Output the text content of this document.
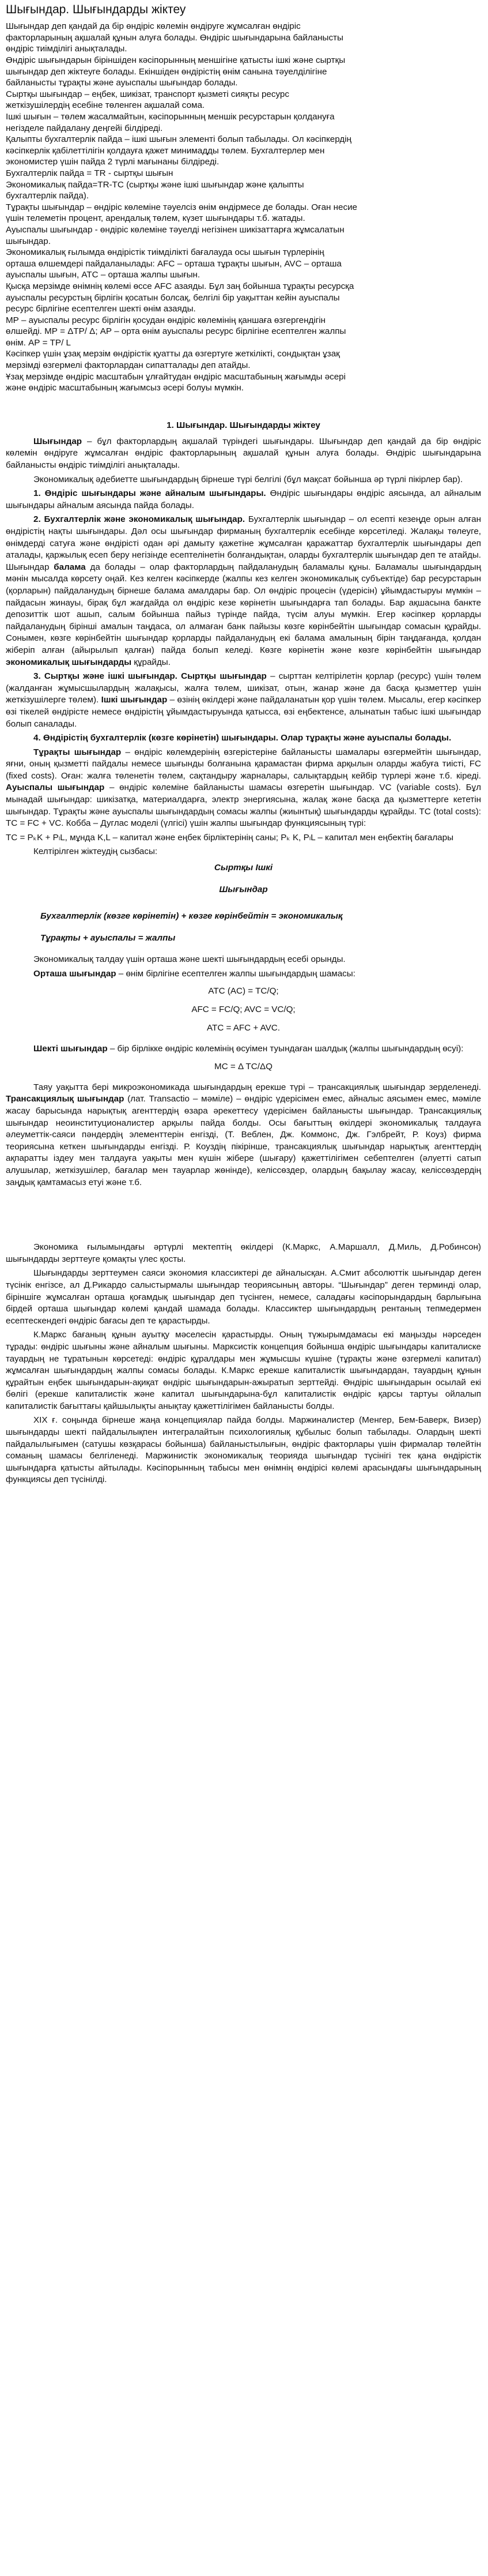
Шығындар. Шығындарды жіктеу

Шығындар деп қандай да бір өндіріс көлемін өндіруге жұмсалған өндіріс

факторларының ақшалай құнын алуға болады. Өндіріс шығындарына байланысты

өндіріс тиімділігі анықталады.

Өндіріс шығындарын біріншіден кәсіпорынның меншігіне қатысты ішкі және сыртқы

шығындар деп жіктеуге болады. Екіншіден өндірістің өнім санына тәуелділігіне

байланысты тұрақты және ауыспалы шығындар болады.

Сыртқы шығындар – еңбек, шикізат, транспорт қызметі сияқты ресурс

жеткізушілердің есебіне төленген ақшалай сома.

Ішкі шығын – төлем жасалмайтын, кәсіпорынның меншік ресурстарын қолдануға

негізделе пайдалану деңгейі білдіреді.

Қалыпты бухгалтерлік пайда – ішкі шығын элементі болып табылады. Ол кәсіпкердің

кәсіпкерлік қабілеттілігін қолдауға қажет минимадды төлем. Бухгалтерлер мен

экономистер үшін пайда 2 түрлі мағынаны білдіреді.

Бухгалтерлік пайда = TR - сыртқы шығын

Экономикалық пайда=TR-TC (сыртқы және ішкі шығындар және қалыпты

бухгалтерлік пайда).

Тұрақты шығындар – өндіріс көлеміне тәуелсіз өнім өндірмесе де болады. Оған несие

үшін телеметін процент, арендалық төлем, күзет шығындары т.б. жатады.

Ауыспалы шығындар - өндіріс көлеміне тәуелді негізінен шикізаттарға жұмсалатын

шығындар.

Экономикалық ғылымда өндірістік тиімділікті бағалауда осы шығын түрлерінің

орташа өлшемдері пайдаланылады: AFC – орташа тұрақты шығын, AVC – орташа

ауыспалы шығын, АТС – орташа жалпы шығын.

Қысқа мерзімде өнімнің көлемі өссе AFC азаяды. Бұл заң бойынша тұрақты ресурсқа

ауыспалы ресурстың бірлігін қосатын болсақ, белгілі бір уақыттан кейін ауыспалы

ресурс бірлігіне есептелген шекті өнім азаяды.

МР – ауыспалы ресурс бірлігін қосудан өндіріс көлемінің қаншаға өзгергендігін

өлшейді. МР = ΔТР/ Δ; АР – орта өнім ауыспалы ресурс бірлігіне есептелген жалпы

өнім. АР = ТР/ L

Кәсіпкер үшін ұзақ мерзім өндірістік қуатты да өзгертуге жеткілікті, сондықтан ұзақ

мерзімді өзгермелі факторлардан сипатталады деп атайды.

Ұзақ мерзімде өндіріс масштабын ұлғайтудан өндіріс масштабының жағымды әсері

және өндіріс масштабының жағымсыз әсері болуы мүмкін.

1. Шығындар. Шығындарды жіктеу

Шығындар – бұл факторлардың ақшалай түріндегі шығындары. Шығындар деп қандай да бір өндіріс көлемін өндіруге жұмсалған өндіріс факторларының ақшалай құнын алуға болады. Өндіріс шығындарына байланысты өндіріс тиімділігі анықталады.

Экономикалық әдебиетте шығындардың бірнеше түрі белгілі (бұл мақсат бойынша әр түрлі пікірлер бар).

1. Өндіріс шығындары және айналым шығындары. Өндіріс шығындары өндіріс аясында, ал айналым шығындары айналым аясында пайда болады.

2. Бухгалтерлік және экономикалық шығындар. Бухгалтерлік шығындар – ол есепті кезеңде орын алған өндірістің нақты шығындары. Дәл осы шығындар фирманың бухгалтерлік есебінде көрсетіледі. Жалақы төлеуге, өнімдерді сатуға және өндірісті одан әрі дамыту қажетіне жұмсалған қаражаттар бухгалтерлік шығындары деп аталады, қаржылық есеп беру негізінде есептелінетін болғандықтан, оларды бухгалтерлік шығындар деп те атайды. Шығындар балама да болады – олар факторлардың пайдаланудың баламалы құны. Баламалы шығындардың мәнін мысалда көрсету оңай. Кез келген кәсіпкерде (жалпы кез келген экономикалық субъектіде) бар ресурстарын (қорларын) пайдаланудың бірнеше балама амалдары бар. Ол өндіріс процесін (үдерісін) ұйымдастыруы мүмкін – пайдасын жинауы, бірақ бұл жағдайда ол өндіріс кезе көрінетін шығындарға тап болады. Бар ақшасына банкте депозиттік шот ашып, салым бойынша пайыз түрінде пайда, түсім алуы мүмкін. Егер кәсіпкер қорларды пайдаланудың бірінші амалын таңдаса, ол алмаған банк пайызы көзге көрінбейтін шығындар сомасын құрайды. Сонымен, көзге көрінбейтін шығындар қорларды пайдаланудың екі балама амалының бірін таңдағанда, қолдан жіберіп алған (айырылып қалған) пайда болып келеді. Көзге көрінетін және көзге көрінбейтін шығындар экономикалық шығындарды құрайды.

3. Сыртқы және ішкі шығындар. Сыртқы шығындар – сырттан келтірілетін қорлар (ресурс) үшін төлем (жалданған жұмысшылардың жалақысы, жалға төлем, шикізат, отын, жанар және да басқа қызметтер үшін жеткізушілерге төлем). Ішкі шығындар – өзінің өкілдері және пайдаланатын қор үшін төлем. Мысалы, егер кәсіпкер өзі тікелей өндірісте немесе өндірістің ұйымдастыруында қатысса, өзі еңбектенсе, алынатын табыс ішкі шығындар болып саналады.

4. Өндірістің бухгалтерлік (көзге көрінетін) шығындары. Олар тұрақты және ауыспалы болады.

Тұрақты шығындар – өндіріс көлемдерінің өзгерістеріне байланысты шамалары өзгермейтін шығындар, яғни, оның қызметті пайдалы немесе шығынды болғанына қарамастан фирма арқылын оларды жабуға тиісті, FC (fixed costs). Оған: жалға төленетін төлем, сақтандыру жарналары, салықтардың кейбір түрлері және т.б. кіреді. Ауыспалы шығындар – өндіріс көлеміне байланысты шамасы өзгеретін шығындар. VC (variable costs). Бұл мынадай шығындар: шикізатқа, материалдарға, электр энергиясына, жалақ және басқа да қызметтерге кететін шығындар. Тұрақты және ауыспалы шығындардың сомасы жалпы (жиынтық) шығындарды құрайды. ТС (total costs): TC = FC + VC. Кобба – Дуглас моделі (үлгісі) үшін жалпы шығындар функциясының түрі:

TC = PₖK + PₗL, мұнда K,L – капитал және еңбек бірліктерінің саны; Pₖ K, PₗL – капитал мен еңбектің бағалары

Келтірілген жіктеудің сызбасы:

Сыртқы Ішкі
Шығындар
Бухгалтерлік (көзге көрінетін) + көзге көрінбейтін = экономикалық
Тұрақты + ауыспалы = жалпы

Экономикалық талдау үшін орташа және шекті шығындардың есебі орынды.

Орташа шығындар – өнім бірлігіне есептелген жалпы шығындардың шамасы:

ATC (AC) = TC/Q;
AFC = FC/Q; AVC = VC/Q;
ATC = AFC + AVC.

Шекті шығындар – бір бірлікке өндіріс көлемінің өсуімен туындаған шалдық (жалпы шығындардың өсуі):

MC = Δ TC/ΔQ

Таяу уақытта бері микроэкономикада шығындардың ерекше түрі – трансакциялық шығындар зерделенеді. Трансакциялық шығындар (лат. Transactio – мәміле) – өндіріс үдерісімен емес, айналыс аясымен емес, мәміле жасау барысында нарықтық агенттердің өзара әрекеттесу үдерісімен байланысты шығындар. Трансакциялық шығындар неоинституционалистер арқылы пайда болды. Осы бағыттың өкілдері экономикалық талдауға әлеуметтік-саяси пәндердің элементтерін енгізді, (Т. Веблен, Дж. Коммонс, Дж. Гэлбрейт, Р. Коуз) фирма теориясына кеткен шығындарды енгізді. Р. Коуздің пікірінше, трансакциялық шығындар нарықтық агенттердің ақпаратты іздеу мен талдауға уақыты мен күшін жібере (шығару) қажеттілігімен себептелген (әлуетті сатып алушылар, жеткізушілер, бағалар мен тауарлар жөнінде), келіссөздер, олардың бақылау жасау, келіссөздердің заңдық қамтамасыз етуі және т.б.

Экономика ғылымындағы әртүрлі мектептің өкілдері (К.Маркс, А.Маршалл, Д.Миль, Д.Робинсон) шығындарды зерттеуге қомақты үлес қосты.

Шығындарды зерттеумен саяси экономия классиктері де айналысқан. А.Смит абсолюттік шығындар деген түсінік енгізсе, ал Д.Рикардо салыстырмалы шығындар теориясының авторы. “Шығындар” деген терминді олар, біріншіге жұмсалған орташа қоғамдық шығындар деп түсінген, немесе, саладағы кәсіпорындардың барлығына бірдей орташа шығындар көлемі қандай шамада болады. Классиктер шығындардың рентаның тепмедермен есептескендегі өндіріс бағасы деп те қарастырды.

К.Маркс бағаның құнын ауытқу мәселесін қарастырды. Оның түжырымдамасы екі маңызды нәрседен тұрады: өндіріс шығыны және айналым шығыны. Марксистік концепция бойынша өндіріс шығындары капиталиске тауардың не тұратынын көрсетеді: өндіріс құралдары мен жұмысшы күшіне (тұрақты және өзгермелі капитал) жұмсалған шығындардың жалпы сомасы болады. К.Маркс ерекше капиталистік шығындардан, тауардың құнын құрайтын еңбек шығындарын-ақиқат өндіріс шығындарын-ажыратып зерттейді. Өндіріс шығындарын осылай екі бөлігі (ерекше капиталистік және капитал шығындарына-бұл капиталистік өндіріс қарсы тартуы ойлалып капиталистік бағыттағы қайшылықты анықтау қажеттілігімен байланысты болды.

XIX ғ. соңында бірнеше жаңа концепциялар пайда болды. Маржиналистер (Менгер, Бем-Баверк, Визер) шығындарды шекті пайдалылықпен интегралайтын психологиялық құбылыс болып табылады. Олардың шекті пайдалылығымен (сатушы көзқарасы бойынша) байланыстылығын, өндіріс факторлары үшін фирмалар төлейтін соманың шамасы белгіленеді. Маржинистік экономикалық теорияда шығындар түсінігі тек қана өндірістік шығындарға қатысты айтылады. Кәсіпорынның табысы мен өнімнің өндірісі көлемі арасындағы шығындарының функциясы деп түсінілді.
